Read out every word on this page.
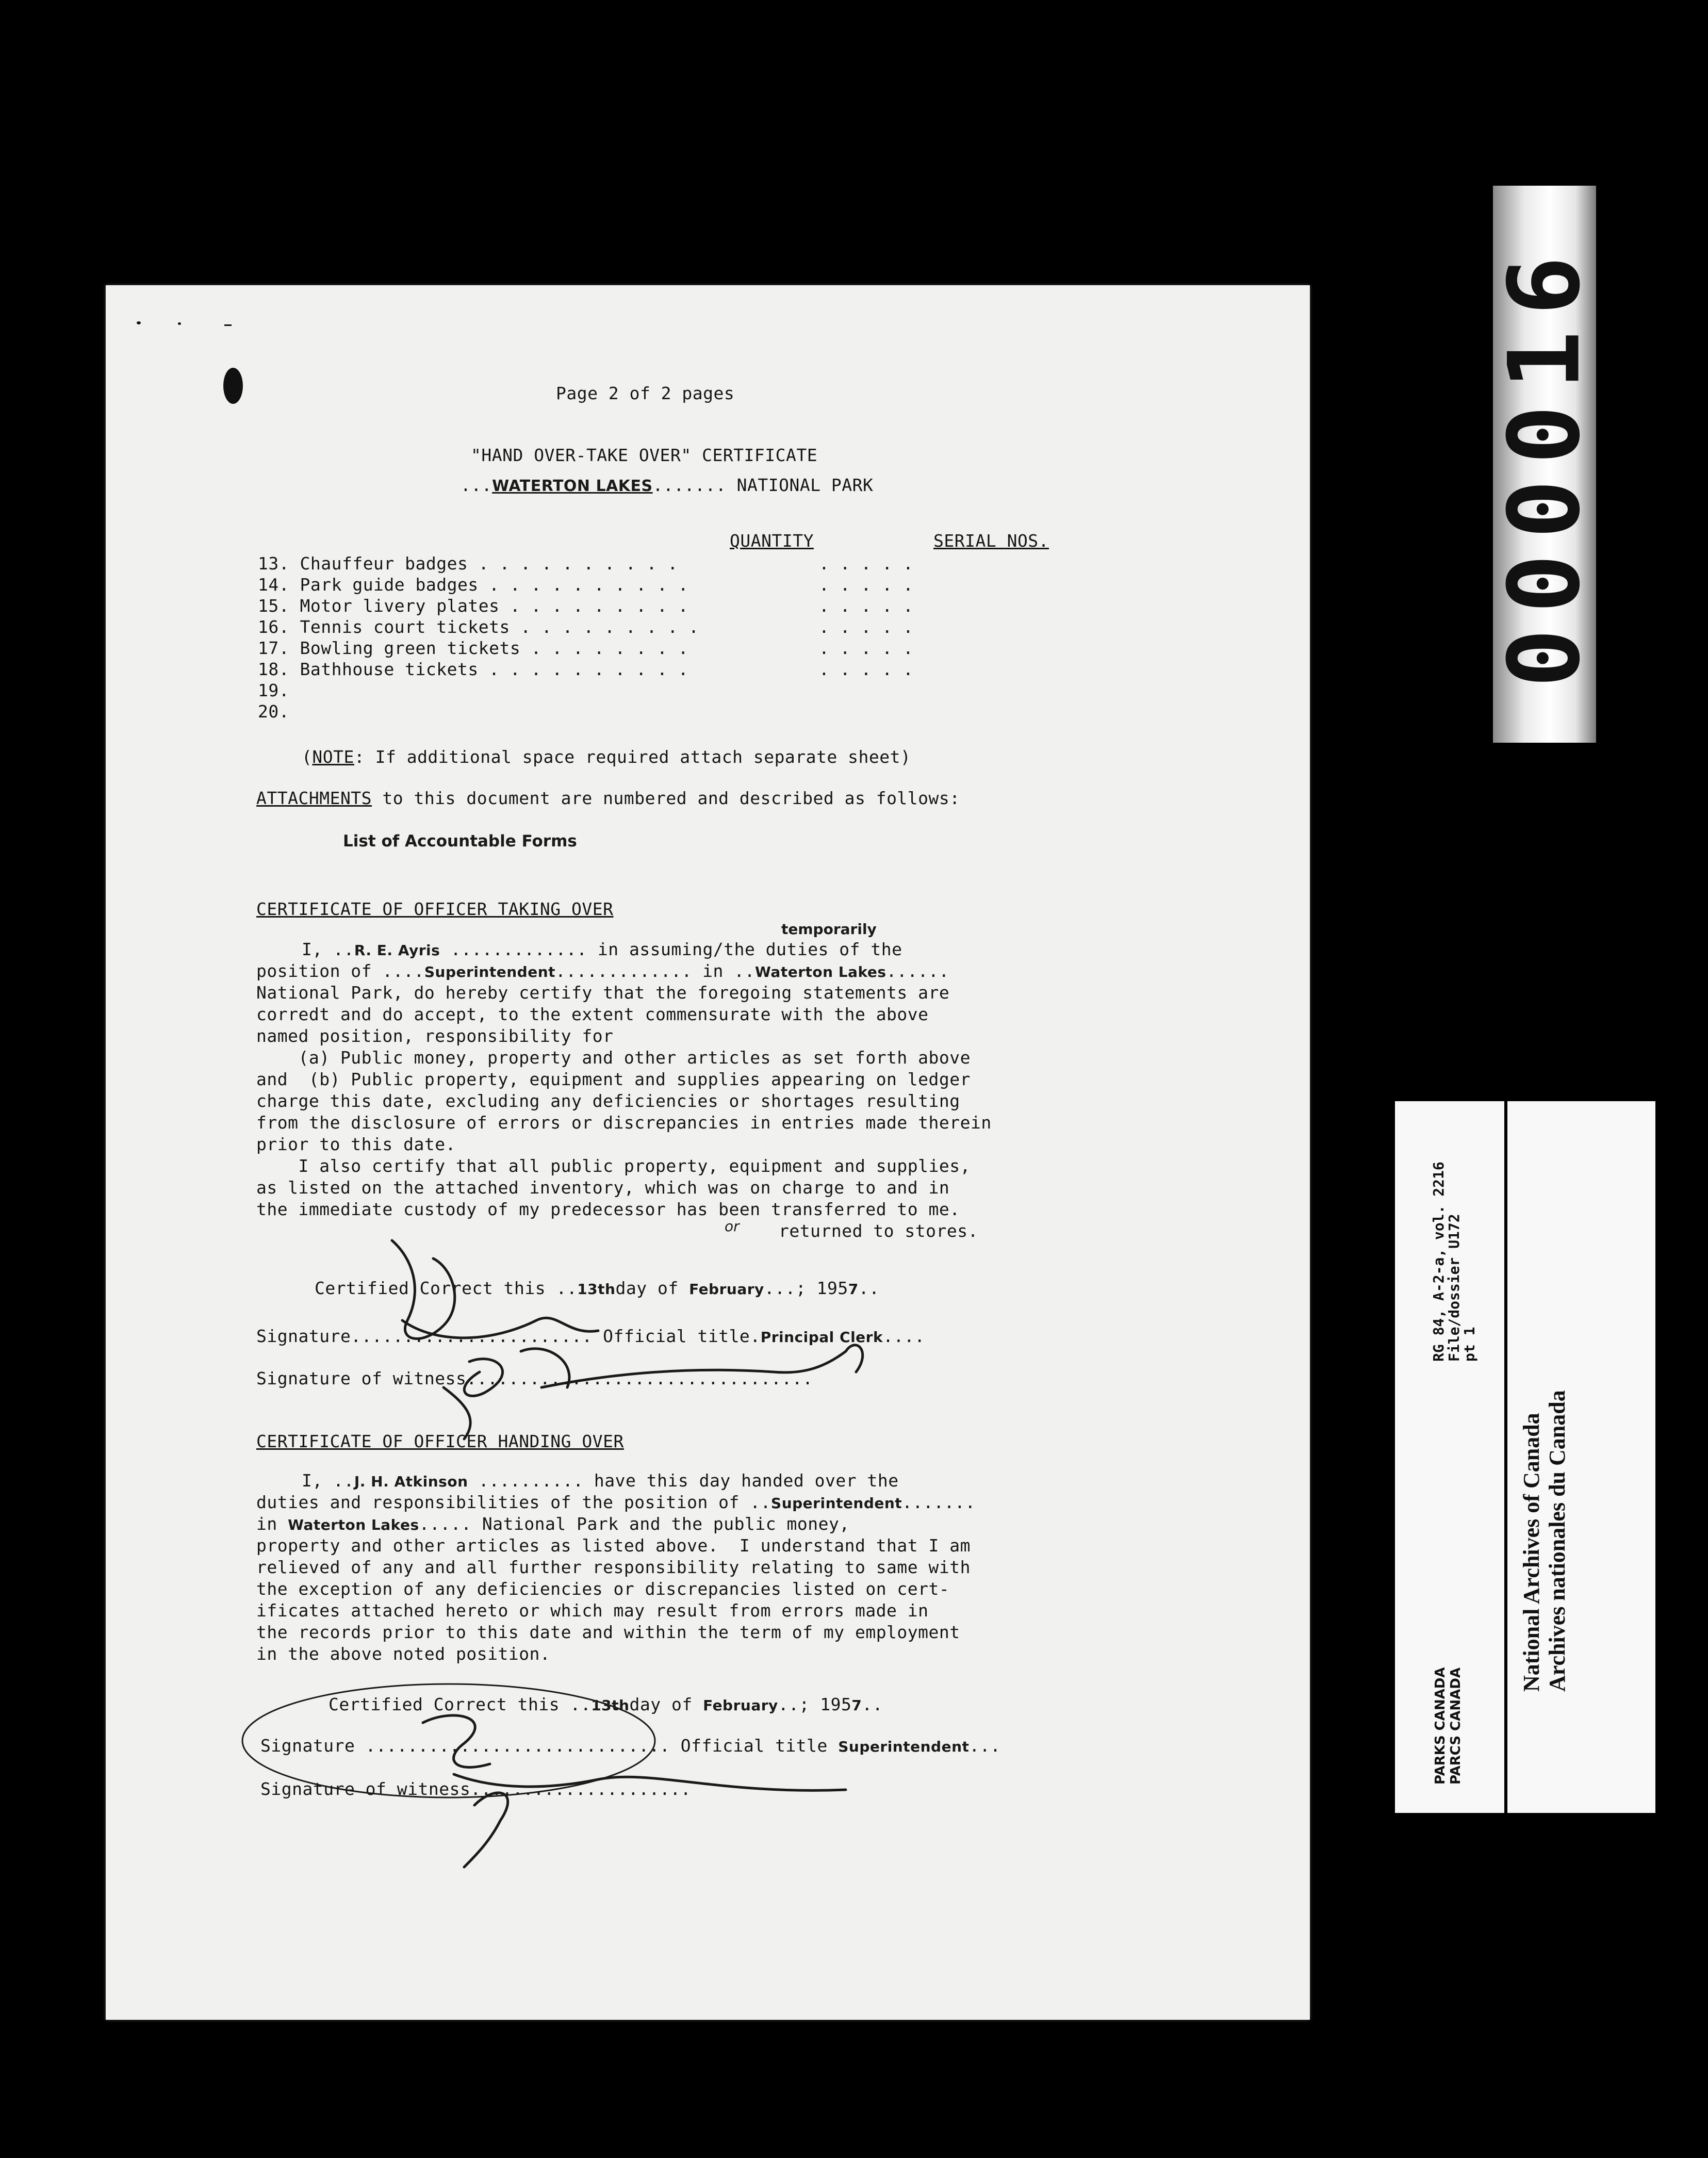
Page 2 of 2 pages
"HAND OVER-TAKE OVER" CERTIFICATE
...WATERTON LAKES....... NATIONAL PARK
QUANTITY	SERIAL NOS.
13. Chauffeur badges . . . . . . . . . .	. . . . .
14. Park guide badges . . . . . . . . . .	. . . . .
15. Motor livery plates . . . . . . . . .	. . . . .
16. Tennis court tickets . . . . . . . . .	. . . . .
17. Bowling green tickets . . . . . . . .	. . . . .
18. Bathhouse tickets . . . . . . . . . .	. . . . .
19.
20.
(NOTE: If additional space required attach separate sheet)
ATTACHMENTS to this document are numbered and described as follows:
List of Accountable Forms
CERTIFICATE OF OFFICER TAKING OVER
temporarily
I, ..R. E. Ayris ............. in assuming/the duties of the
position of ....Superintendent............. in ..Waterton Lakes......
National Park, do hereby certify that the foregoing statements are
corredt and do accept, to the extent commensurate with the above
named position, responsibility for
(a) Public money, property and other articles as set forth above
and  (b) Public property, equipment and supplies appearing on ledger
charge this date, excluding any deficiencies or shortages resulting
from the disclosure of errors or discrepancies in entries made therein
prior to this date.
I also certify that all public property, equipment and supplies,
as listed on the attached inventory, which was on charge to and in
the immediate custody of my predecessor has been transferred to me.
or returned to stores.
Certified Correct this ..13thday of February...; 1957..
Signature....................... Official title.Principal Clerk....
Signature of witness.................................
CERTIFICATE OF OFFICER HANDING OVER
I, ..J. H. Atkinson .......... have this day handed over the
duties and responsibilities of the position of ..Superintendent.......
in Waterton Lakes..... National Park and the public money,
property and other articles as listed above.  I understand that I am
relieved of any and all further responsibility relating to same with
the exception of any deficiencies or discrepancies listed on cert-
ificates attached hereto or which may result from errors made in
the records prior to this date and within the term of my employment
in the above noted position.
Certified Correct this ..13thday of February..; 1957..
Signature ............................. Official title Superintendent...
Signature of witness.....................
000016
RG 84, A-2-a, vol. 2216
File/dossier U172
pt 1
PARKS CANADA PARCS CANADA
National Archives of Canada Archives nationales du Canada
